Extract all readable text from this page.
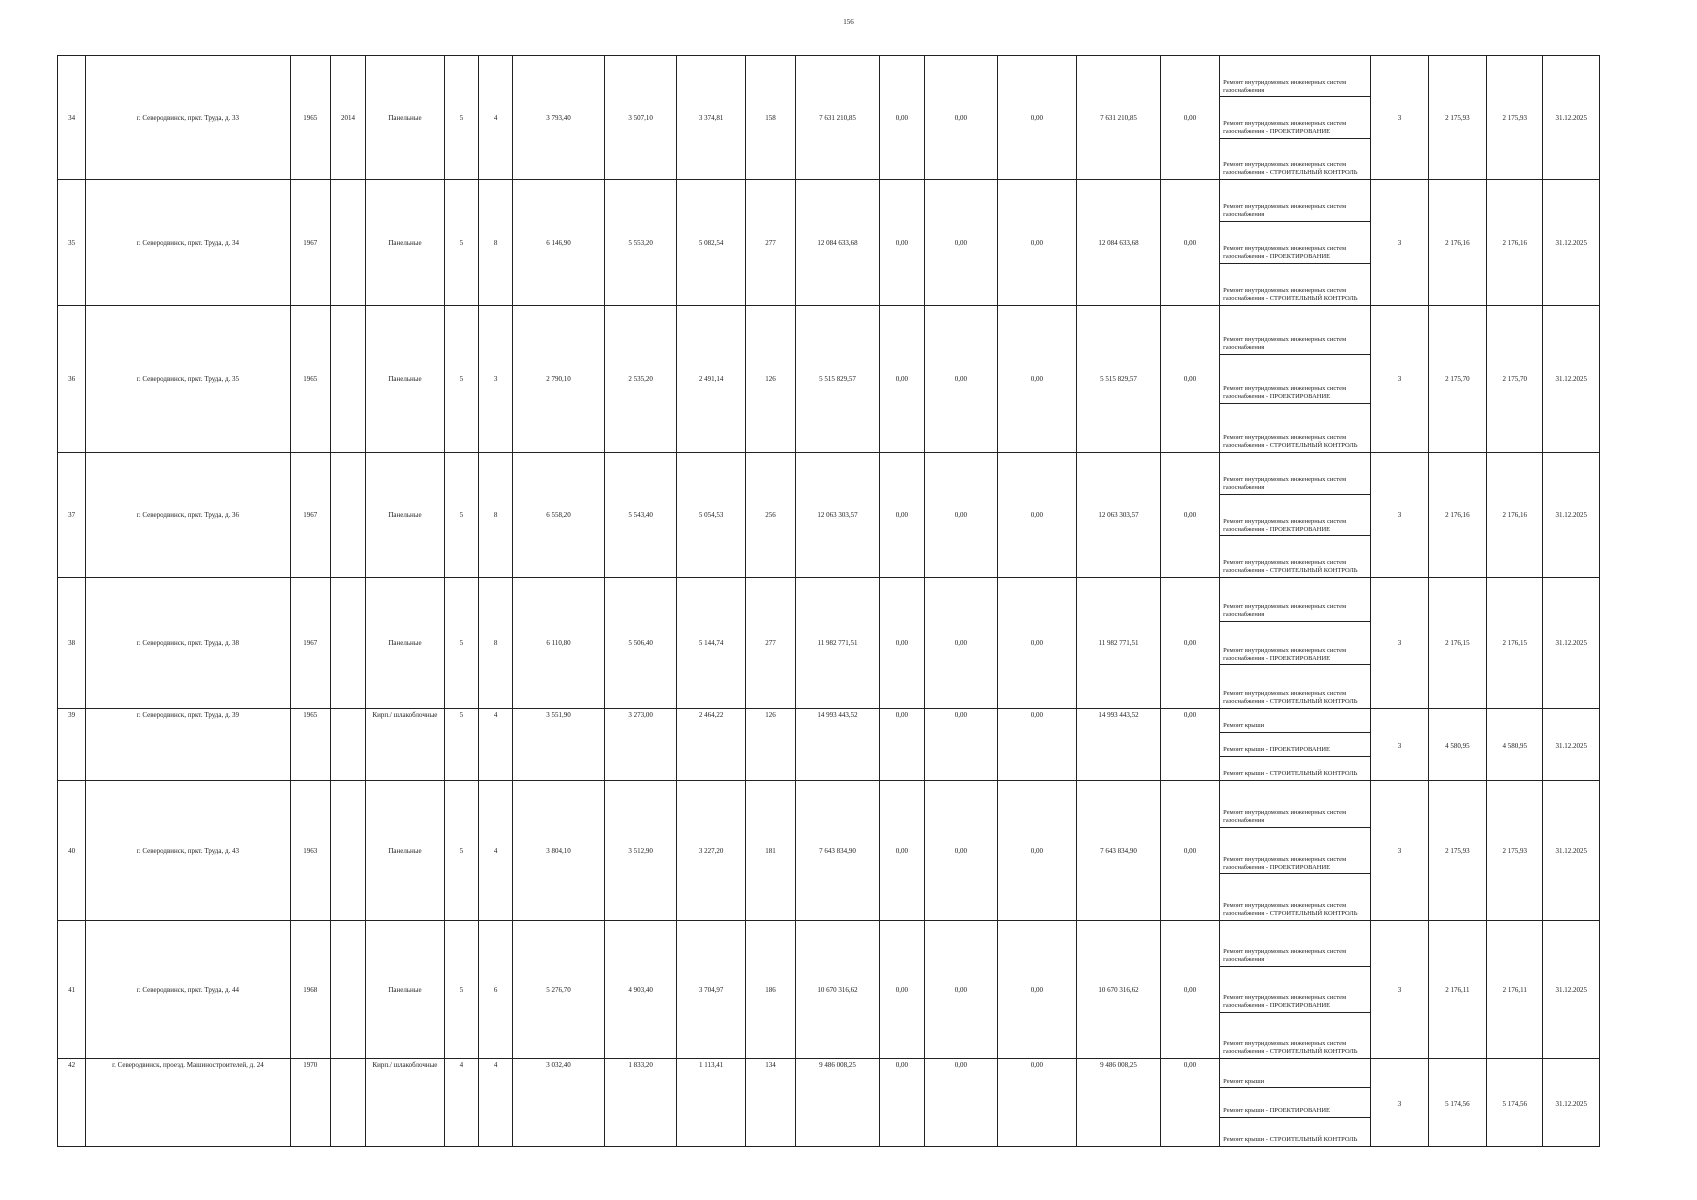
156
34	г. Северодвинск, пркт. Труда, д. 33	1965	2014	Панельные	5	4	3 793,40	3 507,10	3 374,81	158	7 631 210,85	0,00	0,00	0,00	7 631 210,85	0,00	Ремонт внутридомовых инженерных систем газоснабжения
Ремонт внутридомовых инженерных систем газоснабжения - ПРОЕКТИРОВАНИЕ
Ремонт внутридомовых инженерных систем газоснабжения - СТРОИТЕЛЬНЫЙ КОНТРОЛЬ	3	2 175,93	2 175,93	31.12.2025
35	г. Северодвинск, пркт. Труда, д. 34	1967		Панельные	5	8	6 146,90	5 553,20	5 082,54	277	12 084 633,68	0,00	0,00	0,00	12 084 633,68	0,00	Ремонт внутридомовых инженерных систем газоснабжения
Ремонт внутридомовых инженерных систем газоснабжения - ПРОЕКТИРОВАНИЕ
Ремонт внутридомовых инженерных систем газоснабжения - СТРОИТЕЛЬНЫЙ КОНТРОЛЬ	3	2 176,16	2 176,16	31.12.2025
36	г. Северодвинск, пркт. Труда, д. 35	1965		Панельные	5	3	2 790,10	2 535,20	2 491,14	126	5 515 829,57	0,00	0,00	0,00	5 515 829,57	0,00	Ремонт внутридомовых инженерных систем газоснабжения
Ремонт внутридомовых инженерных систем газоснабжения - ПРОЕКТИРОВАНИЕ
Ремонт внутридомовых инженерных систем газоснабжения - СТРОИТЕЛЬНЫЙ КОНТРОЛЬ	3	2 175,70	2 175,70	31.12.2025
37	г. Северодвинск, пркт. Труда, д. 36	1967		Панельные	5	8	6 558,20	5 543,40	5 054,53	256	12 063 303,57	0,00	0,00	0,00	12 063 303,57	0,00	Ремонт внутридомовых инженерных систем газоснабжения
Ремонт внутридомовых инженерных систем газоснабжения - ПРОЕКТИРОВАНИЕ
Ремонт внутридомовых инженерных систем газоснабжения - СТРОИТЕЛЬНЫЙ КОНТРОЛЬ	3	2 176,16	2 176,16	31.12.2025
38	г. Северодвинск, пркт. Труда, д. 38	1967		Панельные	5	8	6 110,80	5 506,40	5 144,74	277	11 982 771,51	0,00	0,00	0,00	11 982 771,51	0,00	Ремонт внутридомовых инженерных систем газоснабжения
Ремонт внутридомовых инженерных систем газоснабжения - ПРОЕКТИРОВАНИЕ
Ремонт внутридомовых инженерных систем газоснабжения - СТРОИТЕЛЬНЫЙ КОНТРОЛЬ	3	2 176,15	2 176,15	31.12.2025
39	г. Северодвинск, пркт. Труда, д. 39	1965		Кирп./ шлакоблочные	5	4	3 551,90	3 273,00	2 464,22	126	14 993 443,52	0,00	0,00	0,00	14 993 443,52	0,00	Ремонт крыши
Ремонт крыши - ПРОЕКТИРОВАНИЕ
Ремонт крыши - СТРОИТЕЛЬНЫЙ КОНТРОЛЬ	3	4 580,95	4 580,95	31.12.2025
40	г. Северодвинск, пркт. Труда, д. 43	1963		Панельные	5	4	3 804,10	3 512,90	3 227,20	181	7 643 834,90	0,00	0,00	0,00	7 643 834,90	0,00	Ремонт внутридомовых инженерных систем газоснабжения
Ремонт внутридомовых инженерных систем газоснабжения - ПРОЕКТИРОВАНИЕ
Ремонт внутридомовых инженерных систем газоснабжения - СТРОИТЕЛЬНЫЙ КОНТРОЛЬ	3	2 175,93	2 175,93	31.12.2025
41	г. Северодвинск, пркт. Труда, д. 44	1968		Панельные	5	6	5 276,70	4 903,40	3 704,97	186	10 670 316,62	0,00	0,00	0,00	10 670 316,62	0,00	Ремонт внутридомовых инженерных систем газоснабжения
Ремонт внутридомовых инженерных систем газоснабжения - ПРОЕКТИРОВАНИЕ
Ремонт внутридомовых инженерных систем газоснабжения - СТРОИТЕЛЬНЫЙ КОНТРОЛЬ	3	2 176,11	2 176,11	31.12.2025
42	г. Северодвинск, проезд. Машиностроителей, д. 24	1970		Кирп./ шлакоблочные	4	4	3 032,40	1 833,20	1 113,41	134	9 486 008,25	0,00	0,00	0,00	9 486 008,25	0,00	Ремонт крыши
Ремонт крыши - ПРОЕКТИРОВАНИЕ
Ремонт крыши - СТРОИТЕЛЬНЫЙ КОНТРОЛЬ	3	5 174,56	5 174,56	31.12.2025
